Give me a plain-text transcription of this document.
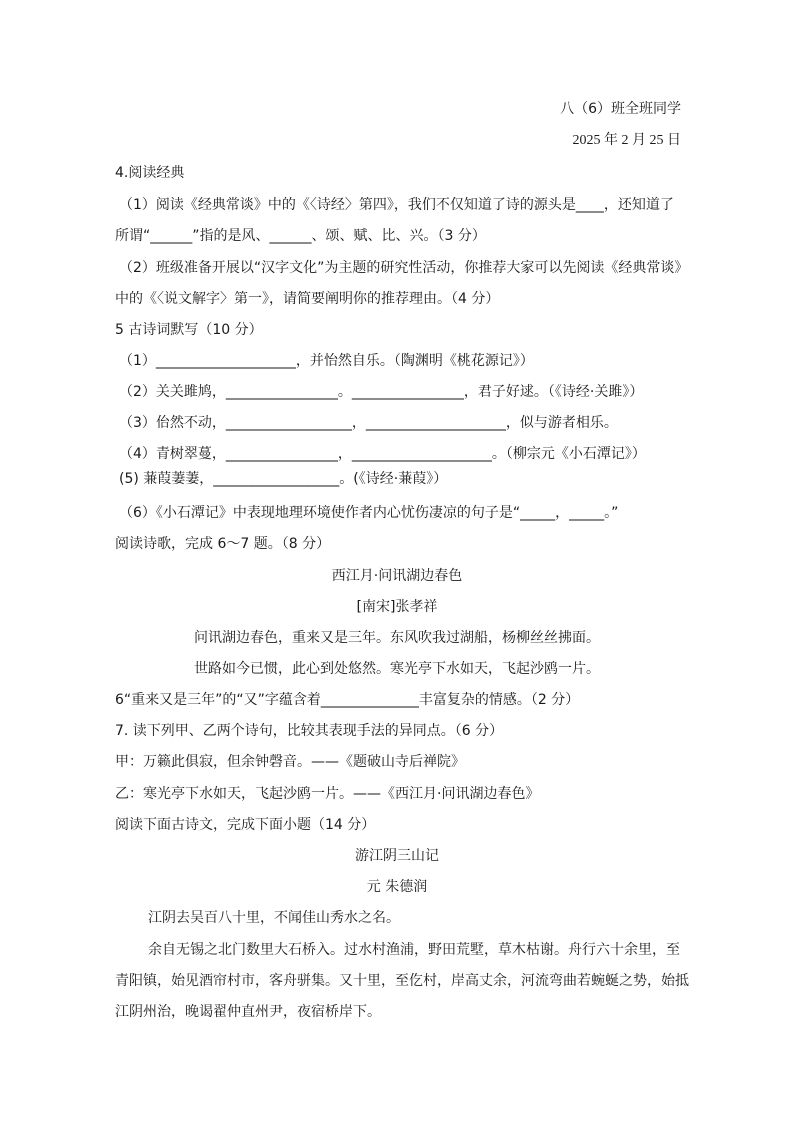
八（6）班全班同学
2025 年 2 月 25 日
4.阅读经典
（1）阅读《经典常谈》中的《〈诗经〉第四》，我们不仅知道了诗的源头是____，还知道了
所谓“______”指的是风、______、颂、赋、比、兴。（3 分）
（2）班级准备开展以“汉字文化”为主题的研究性活动，你推荐大家可以先阅读《经典常谈》
中的《〈说文解字〉第一》，请简要阐明你的推荐理由。（4 分）
5 古诗词默写（10 分）
（1）____________________，并怡然自乐。（陶渊明《桃花源记》）
（2）关关雎鸠，________________。________________，君子好逑。（《诗经·关雎》）
（3）佁然不动，__________________，____________________，似与游者相乐。
（4）青树翠蔓，________________，____________________。（柳宗元《小石潭记》）
(5) 蒹葭萋萋，__________________。(《诗经·蒹葭》）
（6）《小石潭记》中表现地理环境使作者内心忧伤凄凉的句子是“_____，_____。”
阅读诗歌，完成 6～7 题。（8 分）
西江月·问讯湖边春色
[南宋]张孝祥
问讯湖边春色，重来又是三年。东风吹我过湖船，杨柳丝丝拂面。
世路如今已惯，此心到处悠然。寒光亭下水如天，飞起沙鸥一片。
6“重来又是三年”的“又”字蕴含着______________丰富复杂的情感。（2 分）
7. 读下列甲、乙两个诗句，比较其表现手法的异同点。（6 分）
甲：万籁此俱寂，但余钟磬音。——《题破山寺后禅院》
乙：寒光亭下水如天，飞起沙鸥一片。——《西江月·问讯湖边春色》
阅读下面古诗文，完成下面小题（14 分）
游江阴三山记
元 朱德润
江阴去吴百八十里，不闻佳山秀水之名。
余自无锡之北门数里大石桥入。过水村渔浦，野田荒墅，草木枯谢。舟行六十余里，至
青阳镇，始见酒帘村市，客舟骈集。又十里，至仡村，岸高丈余，河流弯曲若蜿蜒之势，始抵
江阴州治，晚谒翟仲直州尹，夜宿桥岸下。
